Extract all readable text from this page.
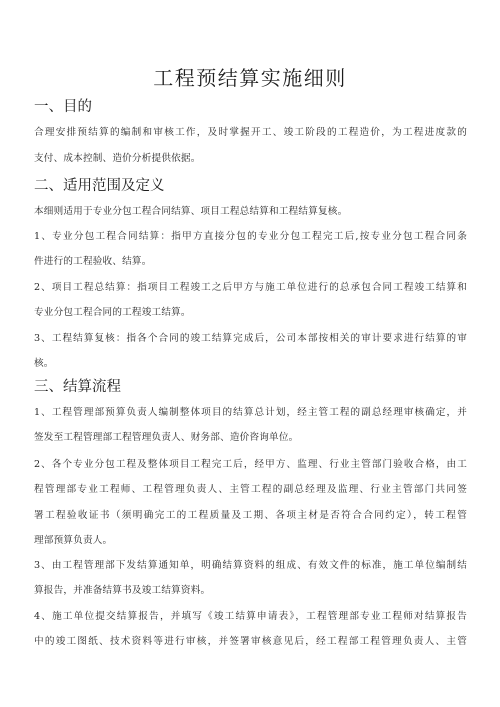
工程预结算实施细则
一、目的
合理安排预结算的编制和审核工作，及时掌握开工、竣工阶段的工程造价，为工程进度款的
支付、成本控制、造价分析提供依据。
二、适用范围及定义
本细则适用于专业分包工程合同结算、项目工程总结算和工程结算复核。
1、专业分包工程合同结算：指甲方直接分包的专业分包工程完工后,按专业分包工程合同条
件进行的工程验收、结算。
2、项目工程总结算：指项目工程竣工之后甲方与施工单位进行的总承包合同工程竣工结算和
专业分包工程合同的工程竣工结算。
3、工程结算复核：指各个合同的竣工结算完成后，公司本部按相关的审计要求进行结算的审
核。
三、结算流程
1、工程管理部预算负责人编制整体项目的结算总计划，经主管工程的副总经理审核确定，并
签发至工程管理部工程管理负责人、财务部、造价咨询单位。
2、各个专业分包工程及整体项目工程完工后，经甲方、监理、行业主管部门验收合格，由工
程管理部专业工程师、工程管理负责人、主管工程的副总经理及监理、行业主管部门共同签
署工程验收证书（须明确完工的工程质量及工期、各项主材是否符合合同约定），转工程管
理部预算负责人。
3、由工程管理部下发结算通知单，明确结算资料的组成、有效文件的标准，施工单位编制结
算报告，并准备结算书及竣工结算资料。
4、施工单位提交结算报告，并填写《竣工结算申请表》，工程管理部专业工程师对结算报告
中的竣工图纸、技术资料等进行审核，并签署审核意见后，经工程部工程管理负责人、主管
